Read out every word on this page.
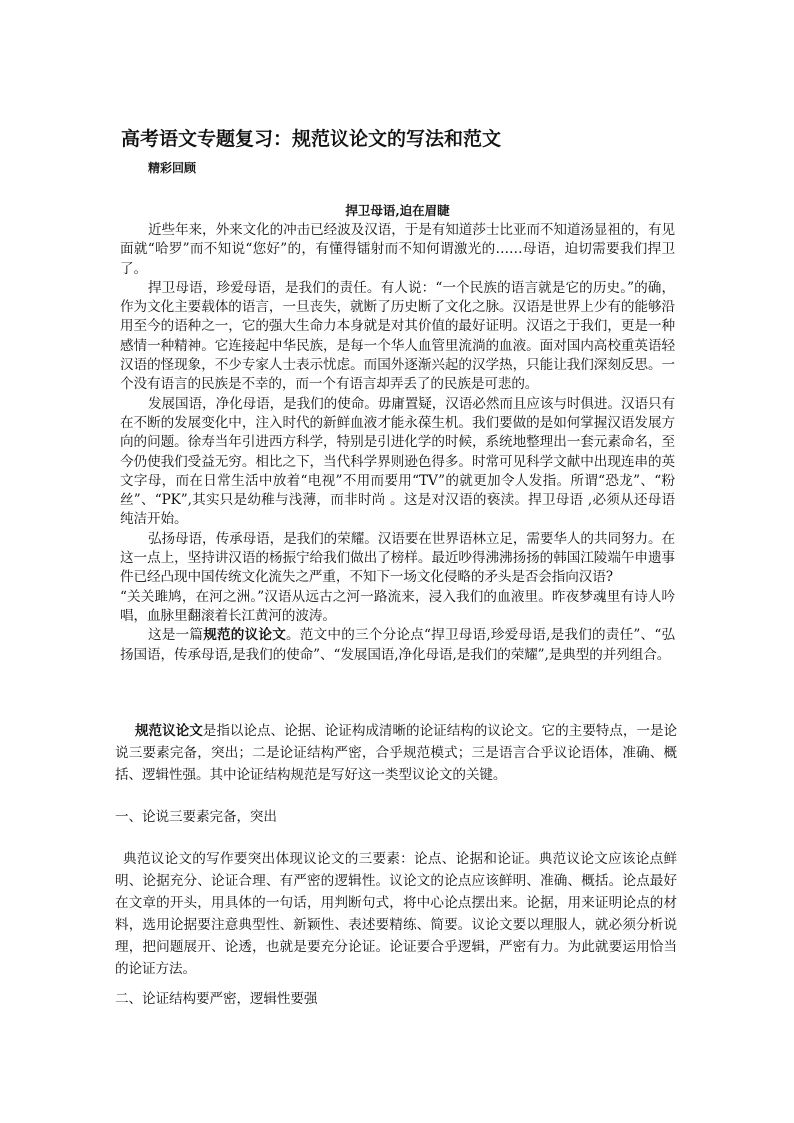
高考语文专题复习：规范议论文的写法和范文
精彩回顾
捍卫母语,迫在眉睫

近些年来，外来文化的冲击已经波及汉语，于是有知道莎士比亚而不知道汤显祖的，有见面就“哈罗”而不知说“您好”的，有懂得镭射而不知何谓激光的……母语，迫切需要我们捍卫了。

捍卫母语，珍爱母语，是我们的责任。有人说：“一个民族的语言就是它的历史。”的确，作为文化主要载体的语言，一旦丧失，就断了历史断了文化之脉。汉语是世界上少有的能够沿用至今的语种之一，它的强大生命力本身就是对其价值的最好证明。汉语之于我们，更是一种感情一种精神。它连接起中华民族，是每一个华人血管里流淌的血液。面对国内高校重英语轻汉语的怪现象，不少专家人士表示忧虑。而国外逐渐兴起的汉学热，只能让我们深刻反思。一个没有语言的民族是不幸的，而一个有语言却弄丢了的民族是可悲的。

发展国语，净化母语，是我们的使命。毋庸置疑，汉语必然而且应该与时俱进。汉语只有在不断的发展变化中，注入时代的新鲜血液才能永葆生机。我们要做的是如何掌握汉语发展方向的问题。徐寿当年引进西方科学，特别是引进化学的时候，系统地整理出一套元素命名，至今仍使我们受益无穷。相比之下，当代科学界则逊色得多。时常可见科学文献中出现连串的英文字母，而在日常生活中放着“电视”不用而要用“TV”的就更加令人发指。所谓“恐龙”、“粉丝”、“PK”,其实只是幼稚与浅薄，而非时尚 。这是对汉语的亵渎。捍卫母语 ,必须从还母语纯洁开始。

弘扬母语，传承母语，是我们的荣耀。汉语要在世界语林立足，需要华人的共同努力。在这一点上，坚持讲汉语的杨振宁给我们做出了榜样。最近吵得沸沸扬扬的韩国江陵端午申遗事件已经凸现中国传统文化流失之严重，不知下一场文化侵略的矛头是否会指向汉语?

“关关雎鸠，在河之洲。”汉语从远古之河一路流来，浸入我们的血液里。昨夜梦魂里有诗人吟唱，血脉里翻滚着长江黄河的波涛。

这是一篇规范的议论文。范文中的三个分论点“捍卫母语,珍爱母语,是我们的责任”、“弘扬国语，传承母语,是我们的使命”、“发展国语,净化母语,是我们的荣耀”,是典型的并列组合。

规范议论文是指以论点、论据、论证构成清晰的论证结构的议论文。它的主要特点，一是论说三要素完备，突出；二是论证结构严密，合乎规范模式；三是语言合乎议论语体，准确、概括、逻辑性强。其中论证结构规范是写好这一类型议论文的关键。

一、论说三要素完备，突出

典范议论文的写作要突出体现议论文的三要素：论点、论据和论证。典范议论文应该论点鲜明、论据充分、论证合理、有严密的逻辑性。议论文的论点应该鲜明、准确、概括。论点最好在文章的开头，用具体的一句话，用判断句式，将中心论点摆出来。论据，用来证明论点的材料，选用论据要注意典型性、新颖性、表述要精练、简要。议论文要以理服人，就必须分析说理，把问题展开、论透，也就是要充分论证。论证要合乎逻辑，严密有力。为此就要运用恰当的论证方法。

二、论证结构要严密，逻辑性要强
